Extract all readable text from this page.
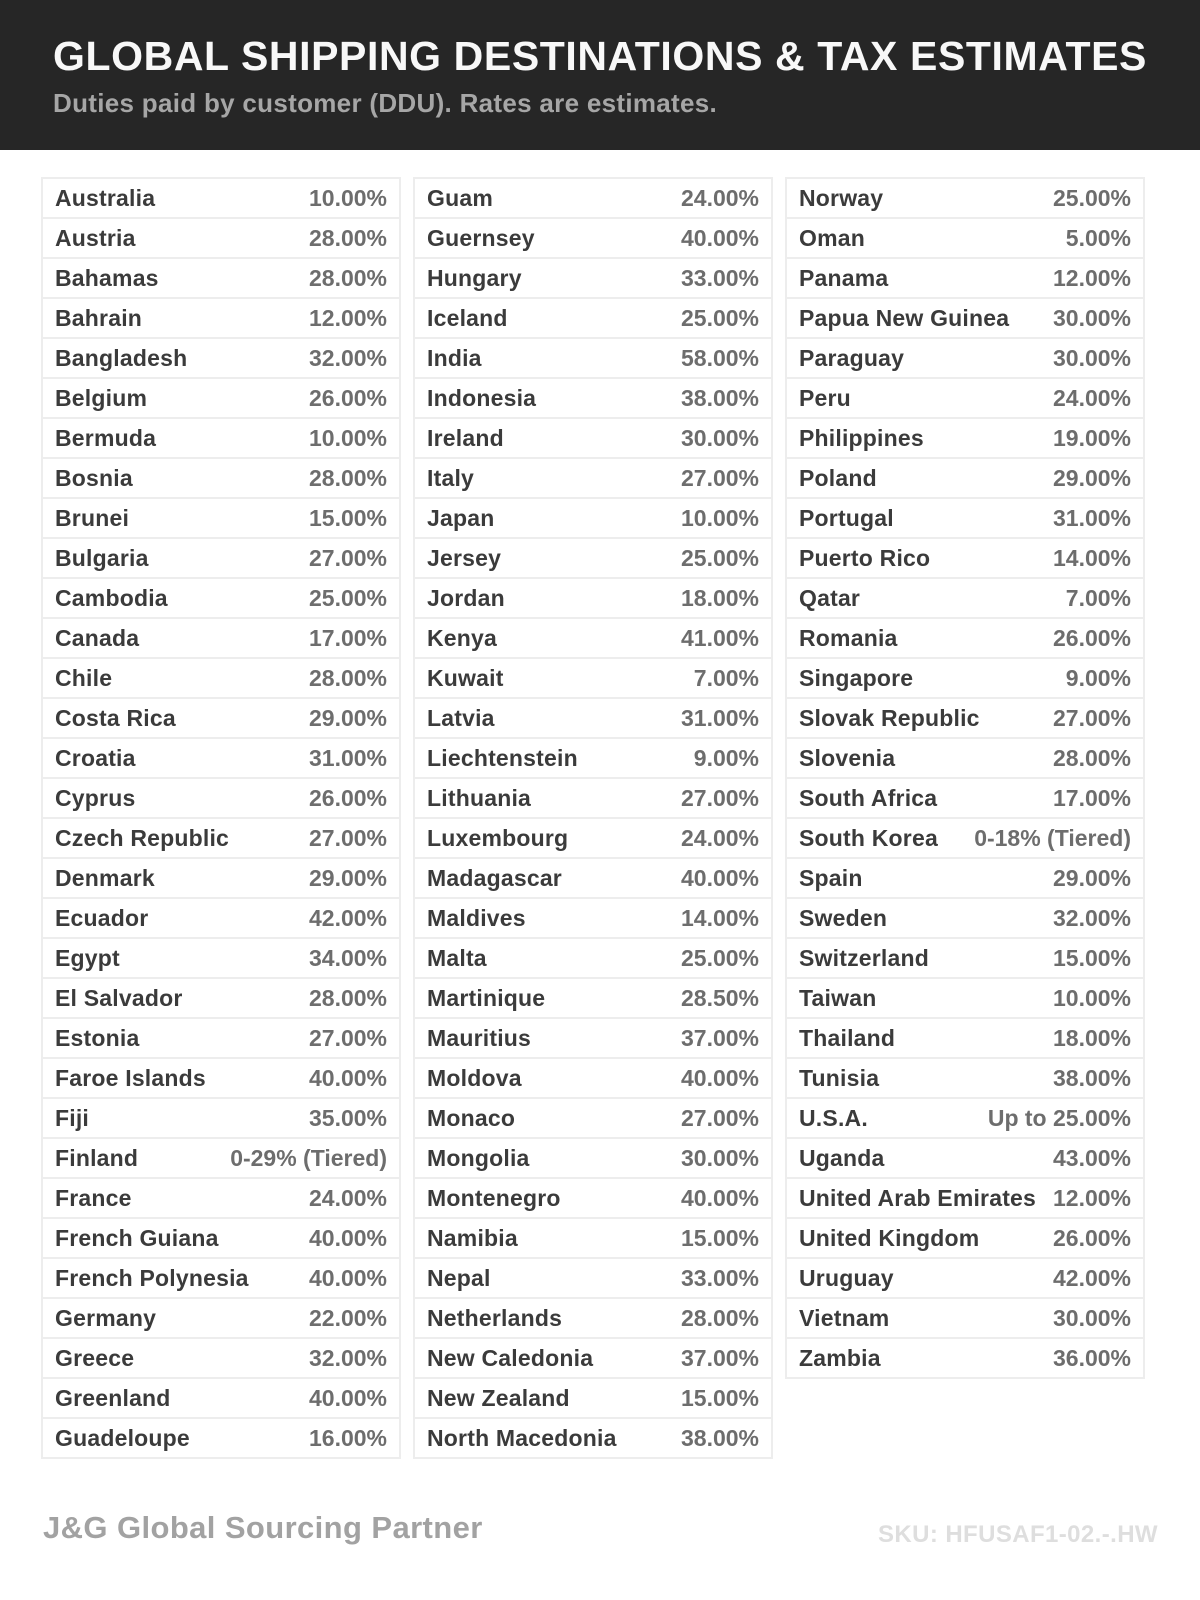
GLOBAL SHIPPING DESTINATIONS & TAX ESTIMATES
Duties paid by customer (DDU). Rates are estimates.
Australia	10.00%
Austria	28.00%
Bahamas	28.00%
Bahrain	12.00%
Bangladesh	32.00%
Belgium	26.00%
Bermuda	10.00%
Bosnia	28.00%
Brunei	15.00%
Bulgaria	27.00%
Cambodia	25.00%
Canada	17.00%
Chile	28.00%
Costa Rica	29.00%
Croatia	31.00%
Cyprus	26.00%
Czech Republic	27.00%
Denmark	29.00%
Ecuador	42.00%
Egypt	34.00%
El Salvador	28.00%
Estonia	27.00%
Faroe Islands	40.00%
Fiji	35.00%
Finland	0-29% (Tiered)
France	24.00%
French Guiana	40.00%
French Polynesia	40.00%
Germany	22.00%
Greece	32.00%
Greenland	40.00%
Guadeloupe	16.00%
Guam	24.00%
Guernsey	40.00%
Hungary	33.00%
Iceland	25.00%
India	58.00%
Indonesia	38.00%
Ireland	30.00%
Italy	27.00%
Japan	10.00%
Jersey	25.00%
Jordan	18.00%
Kenya	41.00%
Kuwait	7.00%
Latvia	31.00%
Liechtenstein	9.00%
Lithuania	27.00%
Luxembourg	24.00%
Madagascar	40.00%
Maldives	14.00%
Malta	25.00%
Martinique	28.50%
Mauritius	37.00%
Moldova	40.00%
Monaco	27.00%
Mongolia	30.00%
Montenegro	40.00%
Namibia	15.00%
Nepal	33.00%
Netherlands	28.00%
New Caledonia	37.00%
New Zealand	15.00%
North Macedonia	38.00%
Norway	25.00%
Oman	5.00%
Panama	12.00%
Papua New Guinea 30.00%
Paraguay	30.00%
Peru	24.00%
Philippines	19.00%
Poland	29.00%
Portugal	31.00%
Puerto Rico	14.00%
Qatar	7.00%
Romania	26.00%
Singapore	9.00%
Slovak Republic	27.00%
Slovenia	28.00%
South Africa	17.00%
South Korea 0-18% (Tiered)
Spain	29.00%
Sweden	32.00%
Switzerland	15.00%
Taiwan	10.00%
Thailand	18.00%
Tunisia	38.00%
U.S.A.	Up to 25.00%
Uganda	43.00%
United Arab Emirates 12.00%
United Kingdom	26.00%
Uruguay	42.00%
Vietnam	30.00%
Zambia	36.00%
J&G Global Sourcing Partner	SKU: HFUSAF1-02.-.HW
